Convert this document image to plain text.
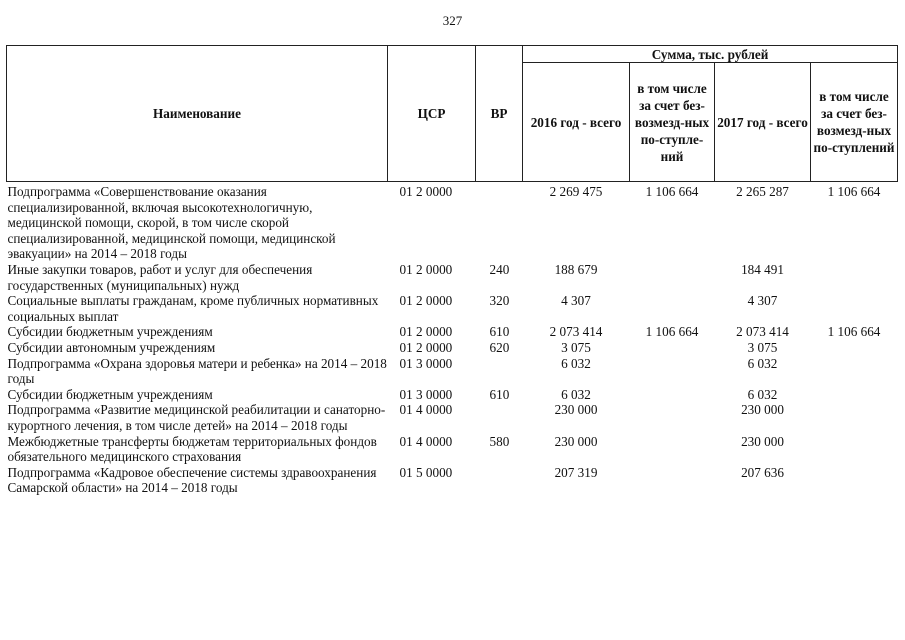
327
Наименование	ЦСР	ВР	Сумма, тыс. рублей			
			2016 год - всего	в том числе за счет без-возмезд-ных по-ступле-ний	2017 год - всего	в том числе за счет без-возмезд-ных по-ступлений
Подпрограмма «Совершенствование оказания специализированной, включая высокотехнологичную, медицинской помощи, скорой, в том числе скорой специализированной, медицинской помощи, медицинской эвакуации» на 2014 – 2018 годы	01 2 0000		2 269 475	1 106 664	2 265 287	1 106 664
Иные закупки товаров, работ и услуг для обеспечения государственных (муниципальных) нужд	01 2 0000	240	188 679		184 491	
Социальные выплаты гражданам, кроме публичных нормативных социальных выплат	01 2 0000	320	4 307		4 307	
Субсидии бюджетным учреждениям	01 2 0000	610	2 073 414	1 106 664	2 073 414	1 106 664
Субсидии автономным учреждениям	01 2 0000	620	3 075		3 075	
Подпрограмма «Охрана здоровья матери и ребенка» на 2014 – 2018 годы	01 3 0000		6 032		6 032	
Субсидии бюджетным учреждениям	01 3 0000	610	6 032		6 032	
Подпрограмма «Развитие медицинской реабилитации и санаторно-курортного лечения, в том числе детей» на 2014 – 2018 годы	01 4 0000		230 000		230 000	
Межбюджетные трансферты бюджетам территориальных фондов обязательного медицинского страхования	01 4 0000	580	230 000		230 000	
Подпрограмма «Кадровое обеспечение системы здравоохранения Самарской области» на 2014 – 2018 годы	01 5 0000		207 319		207 636	
